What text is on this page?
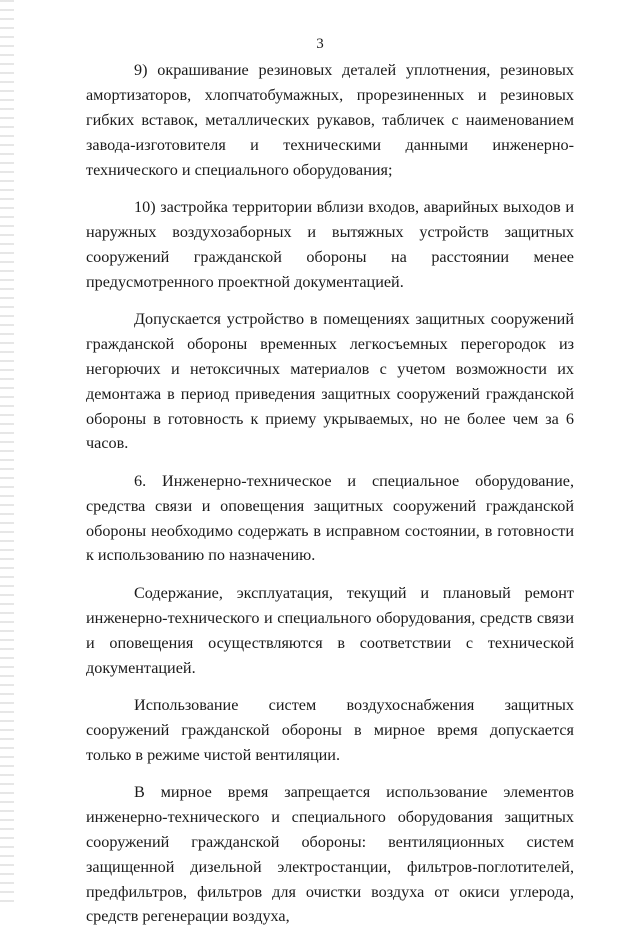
3

9) окрашивание резиновых деталей уплотнения, резиновых амортизаторов, хлопчатобумажных, прорезиненных и резиновых гибких вставок, металлических рукавов, табличек с наименованием завода-изготовителя и техническими данными инженерно-технического и специального оборудования;

10) застройка территории вблизи входов, аварийных выходов и наружных воздухозаборных и вытяжных устройств защитных сооружений гражданской обороны на расстоянии менее предусмотренного проектной документацией.

Допускается устройство в помещениях защитных сооружений гражданской обороны временных легкосъемных перегородок из негорючих и нетоксичных материалов с учетом возможности их демонтажа в период приведения защитных сооружений гражданской обороны в готовность к приему укрываемых, но не более чем за 6 часов.

6. Инженерно-техническое и специальное оборудование, средства связи и оповещения защитных сооружений гражданской обороны необходимо содержать в исправном состоянии, в готовности к использованию по назначению.

Содержание, эксплуатация, текущий и плановый ремонт инженерно-технического и специального оборудования, средств связи и оповещения осуществляются в соответствии с технической документацией.

Использование систем воздухоснабжения защитных сооружений гражданской обороны в мирное время допускается только в режиме чистой вентиляции.

В мирное время запрещается использование элементов инженерно-технического и специального оборудования защитных сооружений гражданской обороны: вентиляционных систем защищенной дизельной электростанции, фильтров-поглотителей, предфильтров, фильтров для очистки воздуха от окиси углерода, средств регенерации воздуха,
